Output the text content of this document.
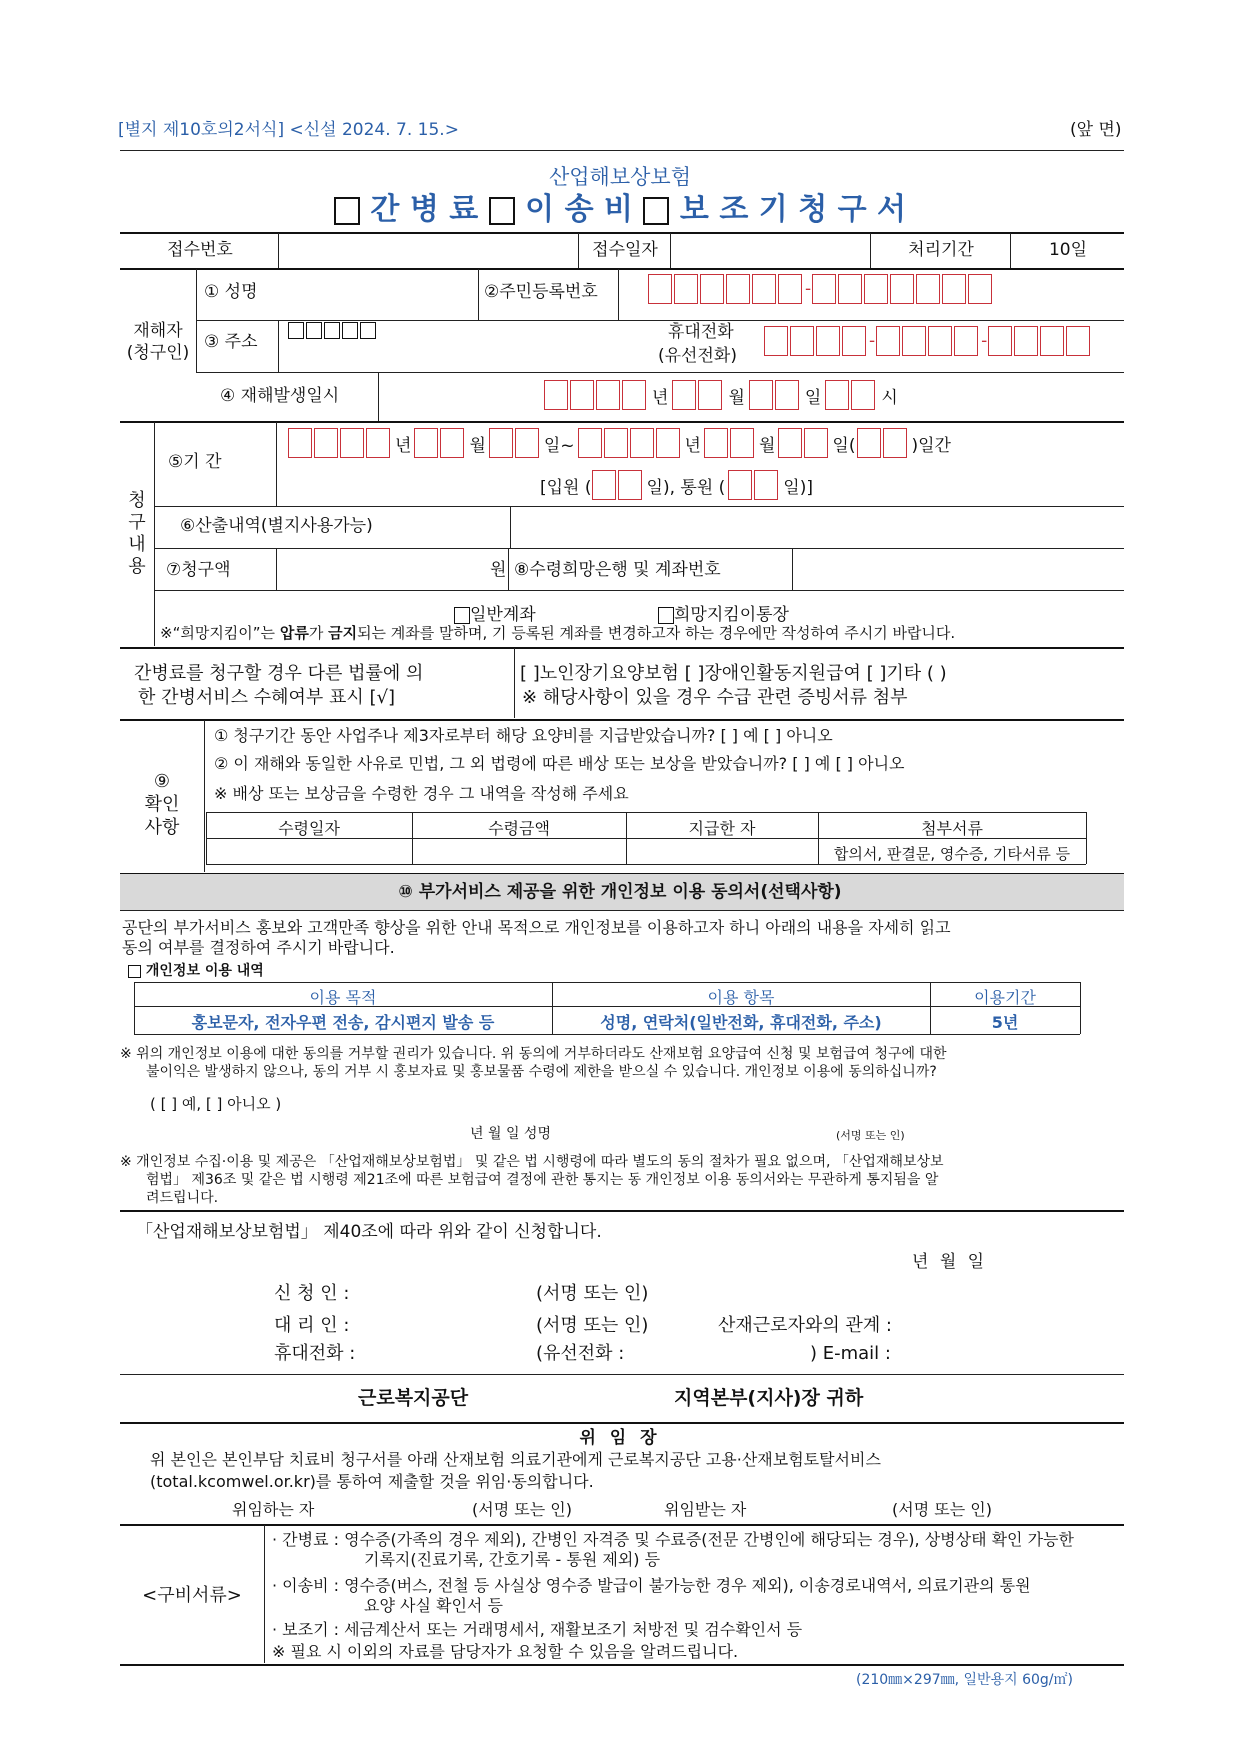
[별지 제10호의2서식] <신설 2024. 7. 15.>	(앞 면)
산업해보상보험
간 병 료 이 송 비 보 조 기 청 구 서
접수번호	접수일자	처리기간	10일
재해자
(청구인)
① 성명	②주민등록번호	-
③ 주소	휴대전화
(유선전화)
-	-
④ 재해발생일시	년	월	일	시
청
구
내
용
⑤기 간
년	월	일~	년	월	일(	)일간
[입원 (	일), 통원 (	일)]
⑥산출내역(별지사용가능)
⑦청구액	원 ⑧수령희망은행 및 계좌번호
일반계좌	희망지킴이통장
※“희망지킴이”는 압류가 금지되는 계좌를 말하며, 기 등록된 계좌를 변경하고자 하는 경우에만 작성하여 주시기 바랍니다.
간병료를 청구할 경우 다른 법률에 의
한 간병서비스 수혜여부 표시 [√]
[ ]노인장기요양보험 [ ]장애인활동지원급여 [ ]기타 ( )
※ 해당사항이 있을 경우 수급 관련 증빙서류 첨부
⑨
확인
사항
① 청구기간 동안 사업주나 제3자로부터 해당 요양비를 지급받았습니까? [ ] 예 [ ] 아니오
② 이 재해와 동일한 사유로 민법, 그 외 법령에 따른 배상 또는 보상을 받았습니까? [ ] 예 [ ] 아니오
※ 배상 또는 보상금을 수령한 경우 그 내역을 작성해 주세요
수령일자	수령금액	지급한 자	첨부서류
합의서, 판결문, 영수증, 기타서류 등
⑩ 부가서비스 제공을 위한 개인정보 이용 동의서(선택사항)
공단의 부가서비스 홍보와 고객만족 향상을 위한 안내 목적으로 개인정보를 이용하고자 하니 아래의 내용을 자세히 읽고
동의 여부를 결정하여 주시기 바랍니다.
개인정보 이용 내역
이용 목적	이용 항목	이용기간
홍보문자, 전자우편 전송, 감시편지 발송 등	성명, 연락처(일반전화, 휴대전화, 주소)	5년
※ 위의 개인정보 이용에 대한 동의를 거부할 권리가 있습니다. 위 동의에 거부하더라도 산재보험 요양급여 신청 및 보험급여 청구에 대한
불이익은 발생하지 않으나, 동의 거부 시 홍보자료 및 홍보물품 수령에 제한을 받으실 수 있습니다. 개인정보 이용에 동의하십니까?
( [ ] 예, [ ] 아니오 )
년 월 일 성명	(서명 또는 인)
※ 개인정보 수집·이용 및 제공은 「산업재해보상보험법」 및 같은 법 시행령에 따라 별도의 동의 절차가 필요 없으며, 「산업재해보상보
험법」 제36조 및 같은 법 시행령 제21조에 따른 보험급여 결정에 관한 통지는 동 개인정보 이용 동의서와는 무관하게 통지됨을 알
려드립니다.
「산업재해보상보험법」 제40조에 따라 위와 같이 신청합니다.
년 월 일
신 청 인 :	(서명 또는 인)
대 리 인 :	(서명 또는 인)	산재근로자와의 관계 :
휴대전화 :	(유선전화 :	) E-mail :
근로복지공단	지역본부(지사)장 귀하
위 임 장
위 본인은 본인부담 치료비 청구서를 아래 산재보험 의료기관에게 근로복지공단 고용·산재보험토탈서비스
(total.kcomwel.or.kr)를 통하여 제출할 것을 위임·동의합니다.
위임하는 자	(서명 또는 인)	위임받는 자	(서명 또는 인)
<구비서류>
· 간병료 : 영수증(가족의 경우 제외), 간병인 자격증 및 수료증(전문 간병인에 해당되는 경우), 상병상태 확인 가능한
기록지(진료기록, 간호기록 - 통원 제외) 등
· 이송비 : 영수증(버스, 전철 등 사실상 영수증 발급이 불가능한 경우 제외), 이송경로내역서, 의료기관의 통원
요양 사실 확인서 등
· 보조기 : 세금계산서 또는 거래명세서, 재활보조기 처방전 및 검수확인서 등
※ 필요 시 이외의 자료를 담당자가 요청할 수 있음을 알려드립니다.
(210㎜×297㎜, 일반용지 60g/㎡)
